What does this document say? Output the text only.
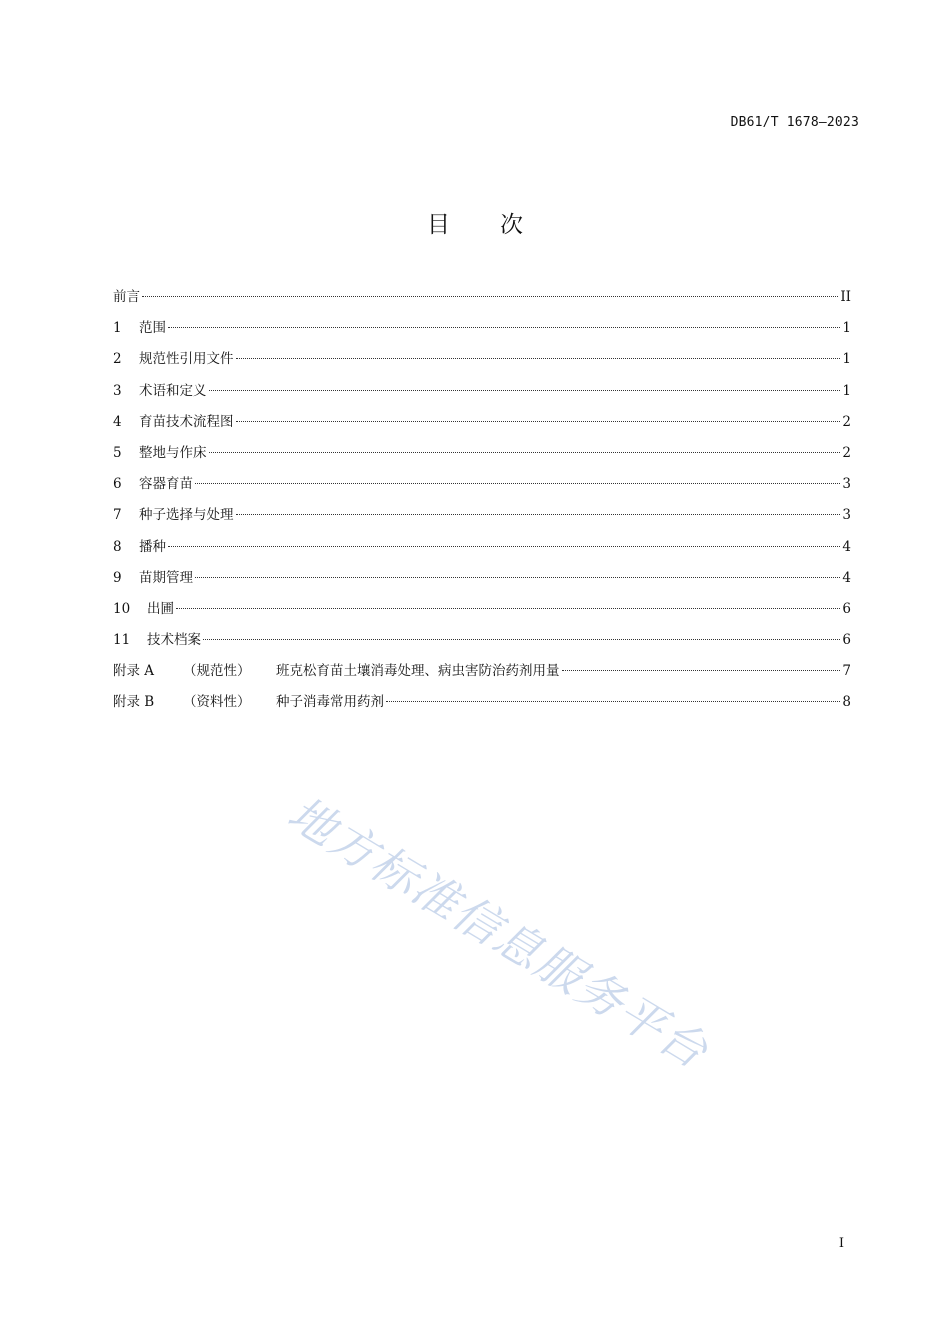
DB61/T 1678—2023
目 次
前言	II
1	范围	1
2	规范性引用文件	1
3	术语和定义	1
4	育苗技术流程图	2
5	整地与作床	2
6	容器育苗	3
7	种子选择与处理	3
8	播种	4
9	苗期管理	4
10	出圃	6
11	技术档案	6
附录 A	（规范性）	班克松育苗土壤消毒处理、病虫害防治药剂用量	7
附录 B	（资料性）	种子消毒常用药剂	8
地方标准信息服务平台
I
